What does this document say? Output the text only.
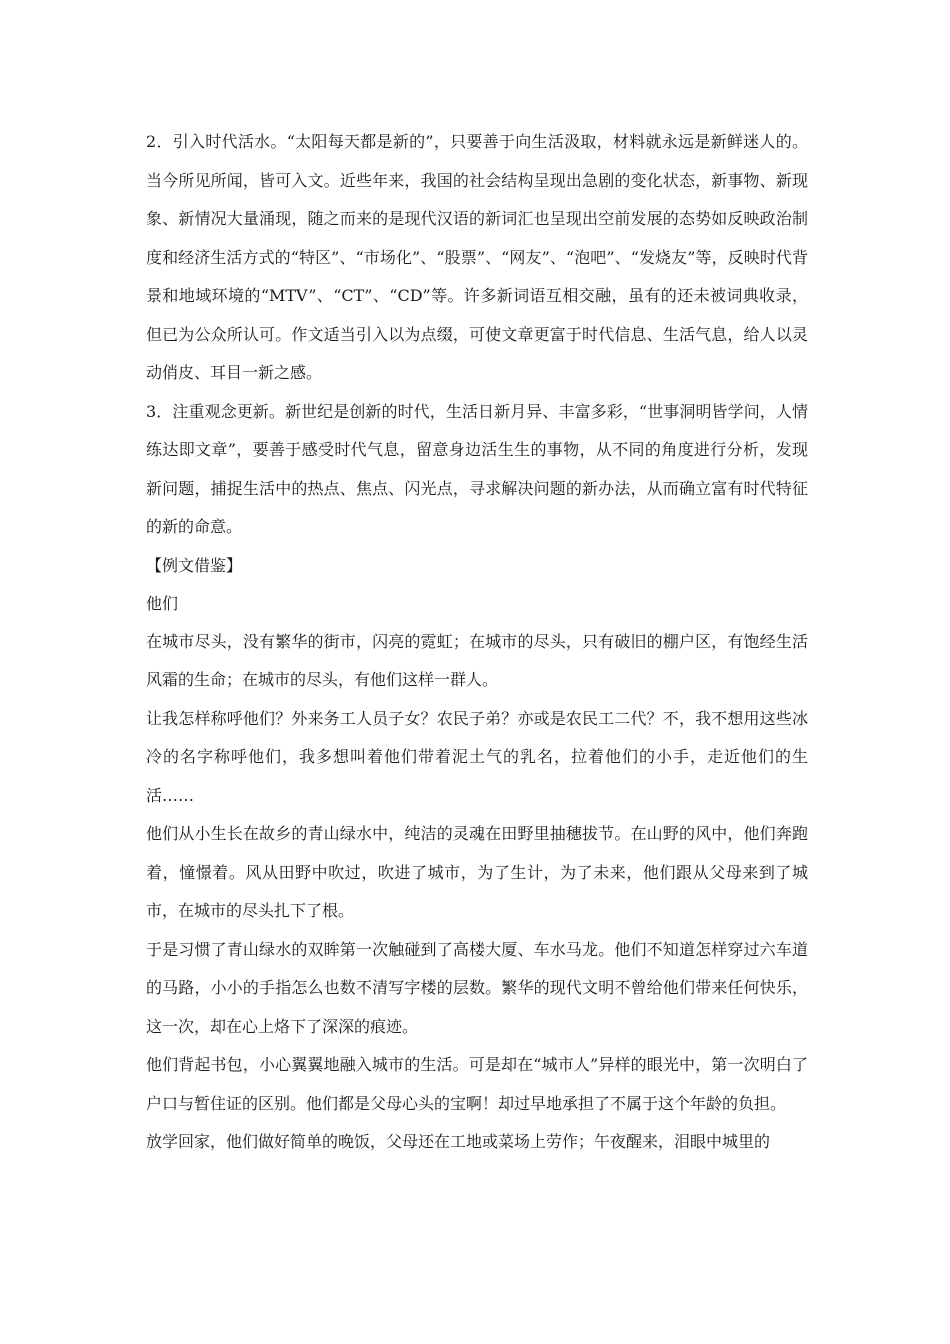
2．引入时代活水。“太阳每天都是新的”，只要善于向生活汲取，材料就永远是新鲜迷人的。当今所见所闻，皆可入文。近些年来，我国的社会结构呈现出急剧的变化状态，新事物、新现象、新情况大量涌现，随之而来的是现代汉语的新词汇也呈现出空前发展的态势如反映政治制度和经济生活方式的“特区”、“市场化”、“股票”、“网友”、“泡吧”、“发烧友”等，反映时代背景和地域环境的“MTV”、“CT”、“CD”等。许多新词语互相交融，虽有的还未被词典收录，但已为公众所认可。作文适当引入以为点缀，可使文章更富于时代信息、生活气息，给人以灵动俏皮、耳目一新之感。

3．注重观念更新。新世纪是创新的时代，生活日新月异、丰富多彩，“世事洞明皆学问，人情练达即文章”，要善于感受时代气息，留意身边活生生的事物，从不同的角度进行分析，发现新问题，捕捉生活中的热点、焦点、闪光点，寻求解决问题的新办法，从而确立富有时代特征的新的命意。

【例文借鉴】

他们

在城市尽头，没有繁华的街市，闪亮的霓虹；在城市的尽头，只有破旧的棚户区，有饱经生活风霜的生命；在城市的尽头，有他们这样一群人。

让我怎样称呼他们？外来务工人员子女？农民子弟？亦或是农民工二代？不，我不想用这些冰冷的名字称呼他们，我多想叫着他们带着泥土气的乳名，拉着他们的小手，走近他们的生活……

他们从小生长在故乡的青山绿水中，纯洁的灵魂在田野里抽穗拔节。在山野的风中，他们奔跑着，憧憬着。风从田野中吹过，吹进了城市，为了生计，为了未来，他们跟从父母来到了城市，在城市的尽头扎下了根。

于是习惯了青山绿水的双眸第一次触碰到了高楼大厦、车水马龙。他们不知道怎样穿过六车道的马路，小小的手指怎么也数不清写字楼的层数。繁华的现代文明不曾给他们带来任何快乐，这一次，却在心上烙下了深深的痕迹。

他们背起书包，小心翼翼地融入城市的生活。可是却在“城市人”异样的眼光中，第一次明白了户口与暂住证的区别。他们都是父母心头的宝啊！却过早地承担了不属于这个年龄的负担。

放学回家，他们做好简单的晚饭，父母还在工地或菜场上劳作；午夜醒来，泪眼中城里的
